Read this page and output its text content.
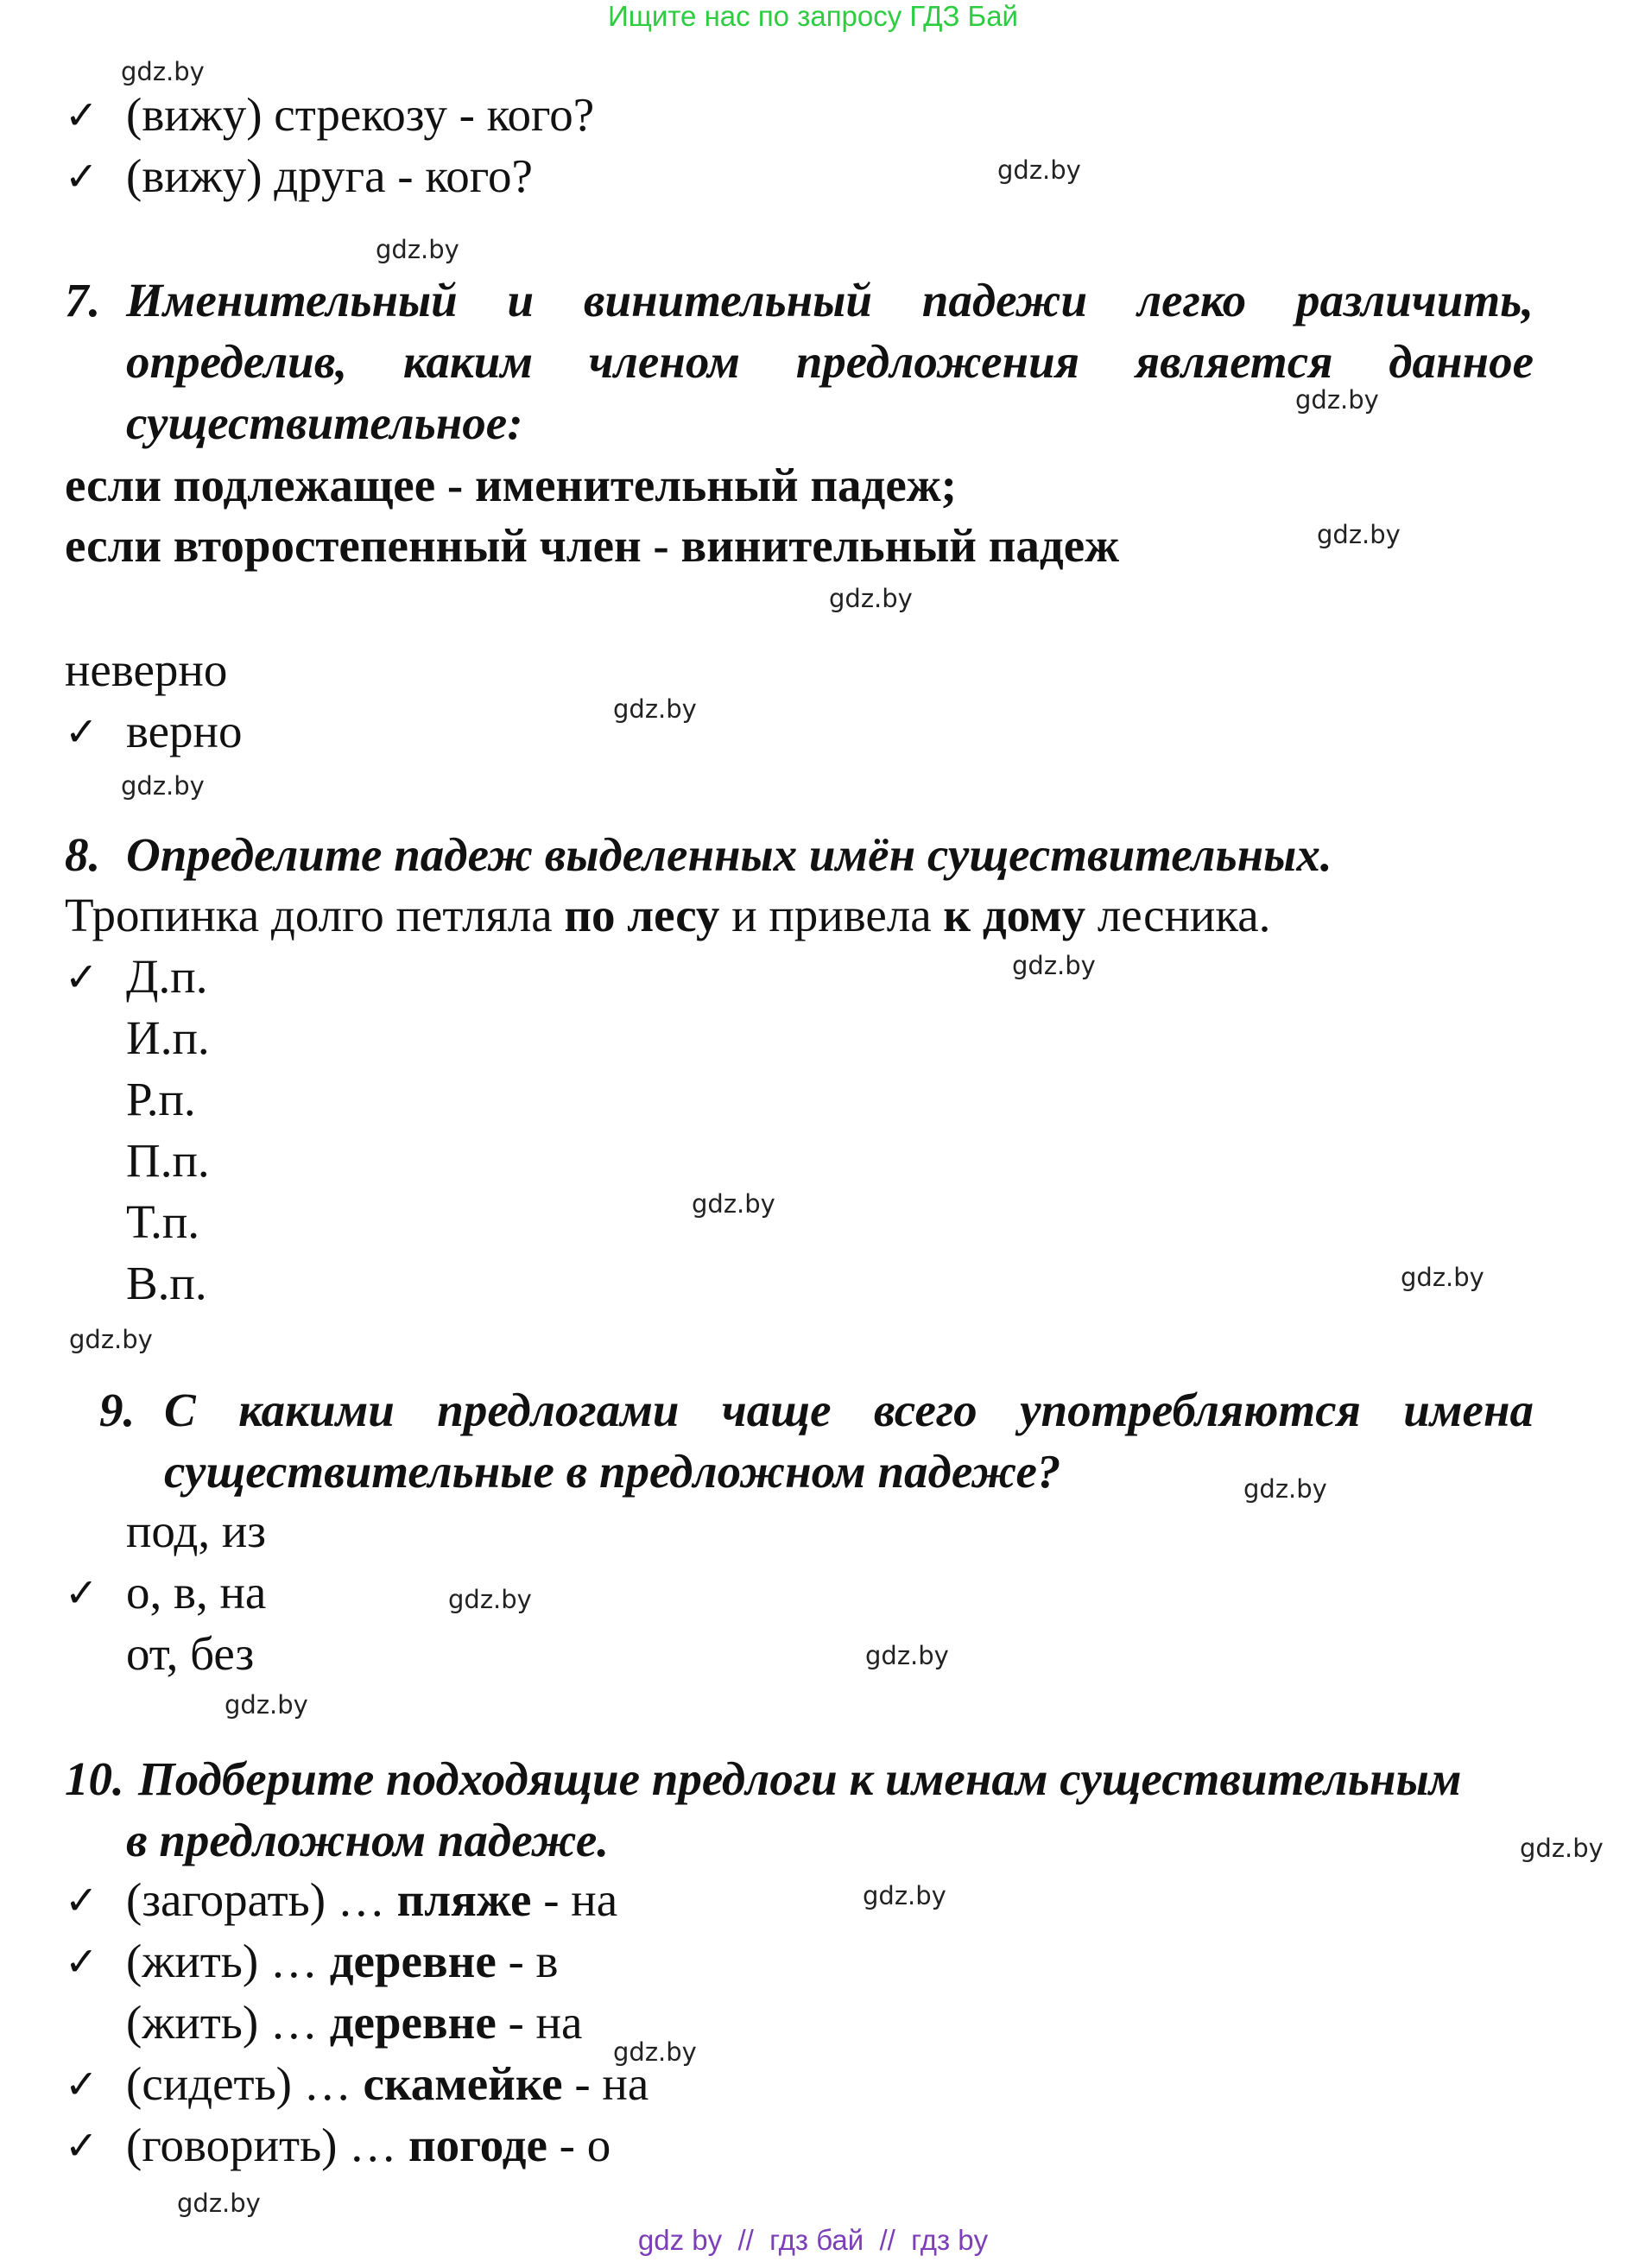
Ищите нас по запросу ГДЗ Бай
gdz.by
gdz.by
gdz.by
gdz.by
gdz.by
gdz.by
gdz.by
gdz.by
gdz.by
gdz.by
gdz.by
gdz.by
gdz.by
gdz.by
gdz.by
gdz.by
gdz.by
gdz.by
gdz.by
gdz.by
✓ (вижу) стрекозу - кого?
✓ (вижу) друга - кого?
7. Именительный и винительный падежи легко различить,
определив, каким членом предложения является данное
существительное:
если подлежащее - именительный падеж;
если второстепенный член - винительный падеж
неверно
✓ верно
8. Определите падеж выделенных имён существительных.
Тропинка долго петляла по лесу и привела к дому лесника.
✓ Д.п.
И.п.
Р.п.
П.п.
Т.п.
В.п.
9. С какими предлогами чаще всего употребляются имена
существительные в предложном падеже?
под, из
✓ о, в, на
от, без
10. Подберите подходящие предлоги к именам существительным
в предложном падеже.
✓ (загорать) … пляже - на
✓ (жить) … деревне - в
(жить) … деревне - на
✓ (сидеть) … скамейке - на
✓ (говорить) … погоде - о
gdz by  //  гдз бай  //  гдз by
